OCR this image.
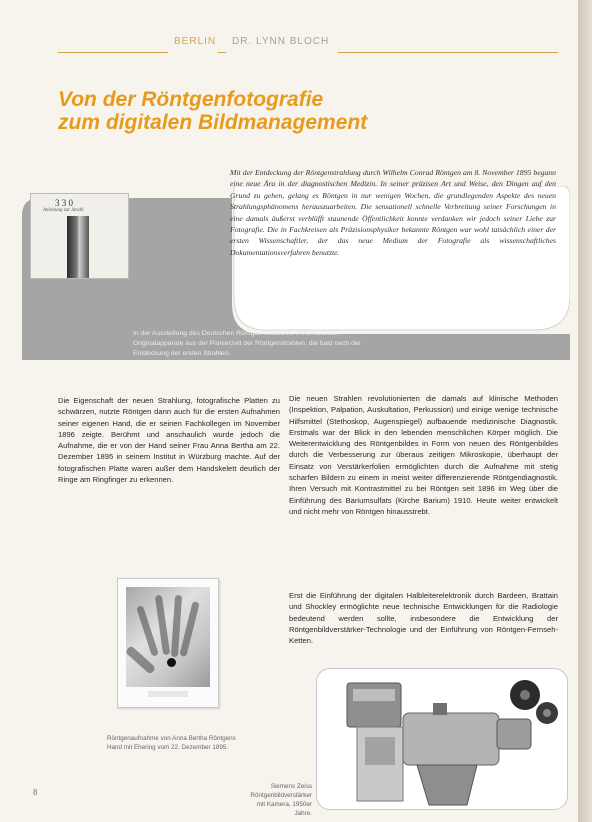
BERLIN DR. LYNN BLOCH
Von der Röntgenfotografie
zum digitalen Bildmanagement
Mit der Entdeckung der Röntgenstrahlung durch Wilhelm Conrad Röntgen am 8. November 1895 begann eine neue Ära in der diagnostischen Medizin. In seiner präzisen Art und Weise, den Dingen auf den Grund zu gehen, gelang es Röntgen in nur wenigen Wochen, die grundlegenden Aspekte des neuen Strahlungsphänomens herauszuarbeiten. Die sensationell schnelle Verbreitung seiner Forschungen in eine damals äußerst verblüfft staunende Öffentlichkeit konnte verdanken wir jedoch seiner Liebe zur Fotografie. Die in Fachkreisen als Präzisionsphysiker bekannte Röntgen war wohl tatsächlich einer der ersten Wissenschaftler, der das neue Medium der Fotografie als wissenschaftliches Dokumentationsverfahren benutzte.
3 3 0
Anleitung zur Strahl
In der Ausstellung des Deutschen Röntgen-Museums in Remscheid: Originalapparate aus der Pionierzeit der Röntgenstrahlen, die bald nach der Entdeckung der ersten Strahlen.

Die Eigenschaft der neuen Strahlung, fotografische Platten zu schwärzen, nutzte Röntgen dann auch für die ersten Aufnahmen seiner eigenen Hand, die er seinen Fachkollegen im November 1896 zeigte. Berühmt und anschaulich wurde jedoch die Aufnahme, die er von der Hand seiner Frau Anna Bertha am 22. Dezember 1895 in seinem Institut in Würzburg machte. Auf der fotografischen Platte waren außer dem Handskelett deutlich der Ringe am Ringfinger zu erkennen.

Die neuen Strahlen revolutionierten die damals auf klinische Methoden (Inspektion, Palpation, Auskultation, Perkussion) und einige wenige technische Hilfsmittel (Stethoskop, Augenspiegel) aufbauende medizinische Diagnostik. Erstmals war der Blick in den lebenden menschlichen Körper möglich. Die Weiterentwicklung des Röntgenbildes in Form von neuen des Röntgenbildes durch die Verbesserung zur überaus zeitigen Mikroskopie, überhaupt der Einsatz von Verstärkerfolien ermöglichten durch die Aufnahme mit stetig scharfen Bildern zu einem in meist weiter differenzierende Röntgendiagnostik. Ihren Versuch mit Kontrastmittel zu bei Röntgen seit 1896 im Weg über die Einführung des Bariumsulfats (Kirche Barium) 1910. Heute weiter entwickelt und nicht mehr von Röntgen hinausstrebt.

Erst die Einführung der digitalen Halbleiterelektronik durch Bardeen, Brattain und Shockley ermöglichte neue technische Entwicklungen für die Radiologie bedeutend werden sollte, insbesondere die Entwicklung der Röntgenbildverstärker-Technologie und der Einführung von Röntgen-Fernseh-Ketten.

Röntgenaufnahme von Anna Bertha Röntgens Hand mit Ehering vom 22. Dezember 1895.
Siemens Zeiss Röntgenbildverstärker mit Kamera, 1950er Jahre.
8
